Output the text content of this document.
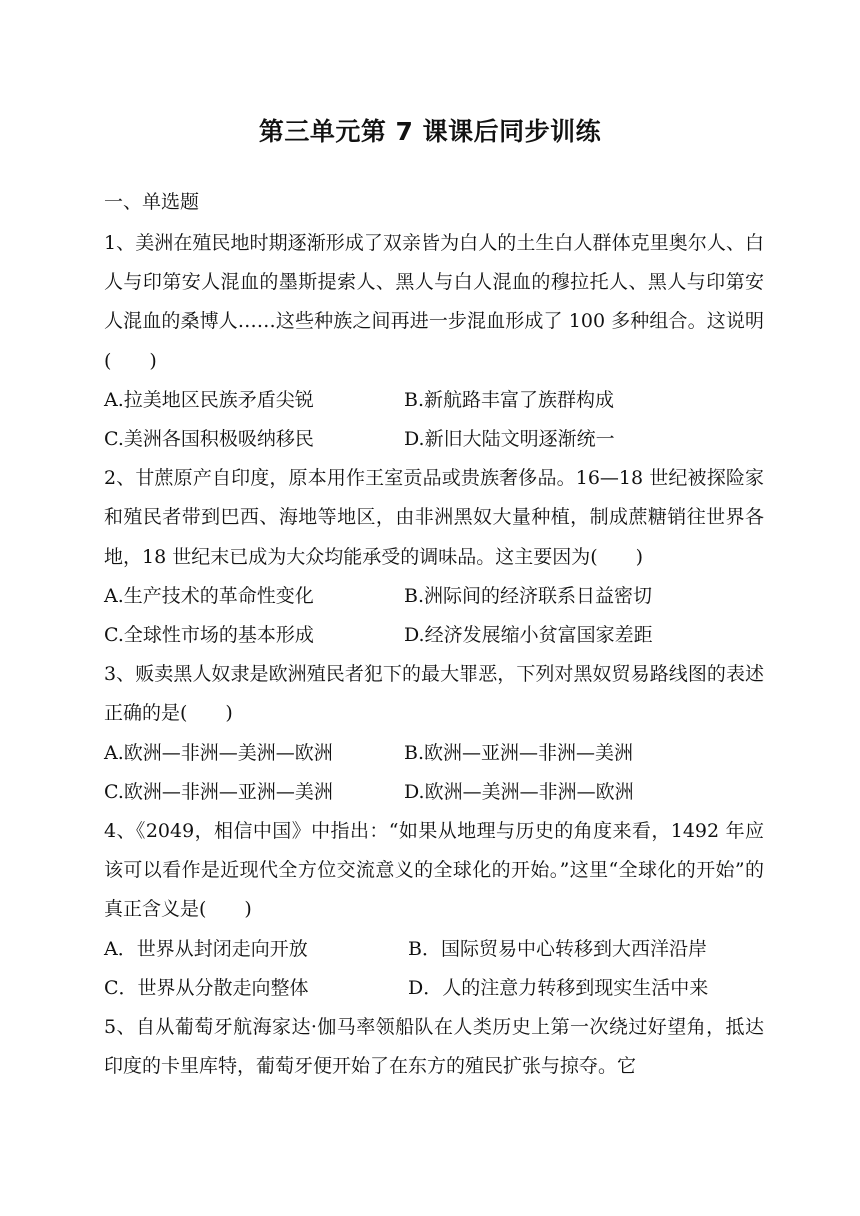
第三单元第 7 课课后同步训练
一、单选题

1、美洲在殖民地时期逐渐形成了双亲皆为白人的土生白人群体克里奥尔人、白人与印第安人混血的墨斯提索人、黑人与白人混血的穆拉托人、黑人与印第安人混血的桑博人……这些种族之间再进一步混血形成了 100 多种组合。这说明(　　)

A.拉美地区民族矛盾尖锐	B.新航路丰富了族群构成
C.美洲各国积极吸纳移民	D.新旧大陆文明逐渐统一

2、甘蔗原产自印度，原本用作王室贡品或贵族奢侈品。16—18 世纪被探险家和殖民者带到巴西、海地等地区，由非洲黑奴大量种植，制成蔗糖销往世界各地，18 世纪末已成为大众均能承受的调味品。这主要因为(　　)

A.生产技术的革命性变化	B.洲际间的经济联系日益密切
C.全球性市场的基本形成	D.经济发展缩小贫富国家差距

3、贩卖黑人奴隶是欧洲殖民者犯下的最大罪恶，下列对黑奴贸易路线图的表述正确的是(　　)

A.欧洲—非洲—美洲—欧洲	B.欧洲—亚洲—非洲—美洲
C.欧洲—非洲—亚洲—美洲	D.欧洲—美洲—非洲—欧洲

4、《2049，相信中国》中指出：“如果从地理与历史的角度来看，1492 年应该可以看作是近现代全方位交流意义的全球化的开始。”这里“全球化的开始”的真正含义是(　　)

A．世界从封闭走向开放	B．国际贸易中心转移到大西洋沿岸
C．世界从分散走向整体	D．人的注意力转移到现实生活中来

5、自从葡萄牙航海家达·伽马率领船队在人类历史上第一次绕过好望角，抵达印度的卡里库特，葡萄牙便开始了在东方的殖民扩张与掠夺。它
